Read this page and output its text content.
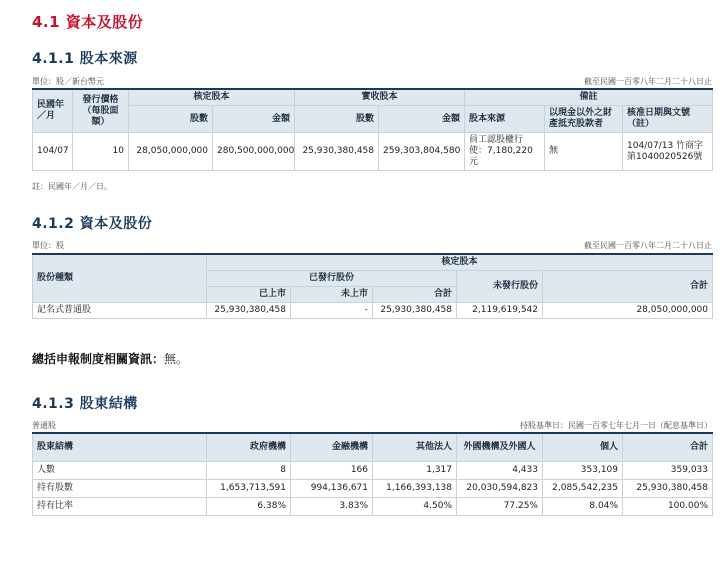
4.1 資本及股份
4.1.1 股本來源
單位：股／新台幣元	截至民國一百零八年二月二十八日止
民國年／月	發行價格（每股面額）	核定股本		實收股本		備註		
		股數	金額	股數	金額	股本來源	以現金以外之財產抵充股款者	核准日期與文號（註）
104/07	10	28,050,000,000	280,500,000,000	25,930,380,458	259,303,804,580	員工認股權行使：7,180,220元	無	104/07/13 竹商字第1040020526號
註：民國年／月／日。
4.1.2 資本及股份
單位：股	截至民國一百零八年二月二十八日止
股份種類	核定股本				
	已發行股份			未發行股份	合計
	已上市	未上市	合計		
記名式普通股	25,930,380,458	-	25,930,380,458	2,119,619,542	28,050,000,000
總括申報制度相關資訊：無。
4.1.3 股東結構
普通股	持股基準日：民國一百零七年七月一日（配息基準日）
股東結構	政府機構	金融機構	其他法人	外國機構及外國人	個人	合計
人數	8	166	1,317	4,433	353,109	359,033
持有股數	1,653,713,591	994,136,671	1,166,393,138	20,030,594,823	2,085,542,235	25,930,380,458
持有比率	6.38%	3.83%	4.50%	77.25%	8.04%	100.00%
